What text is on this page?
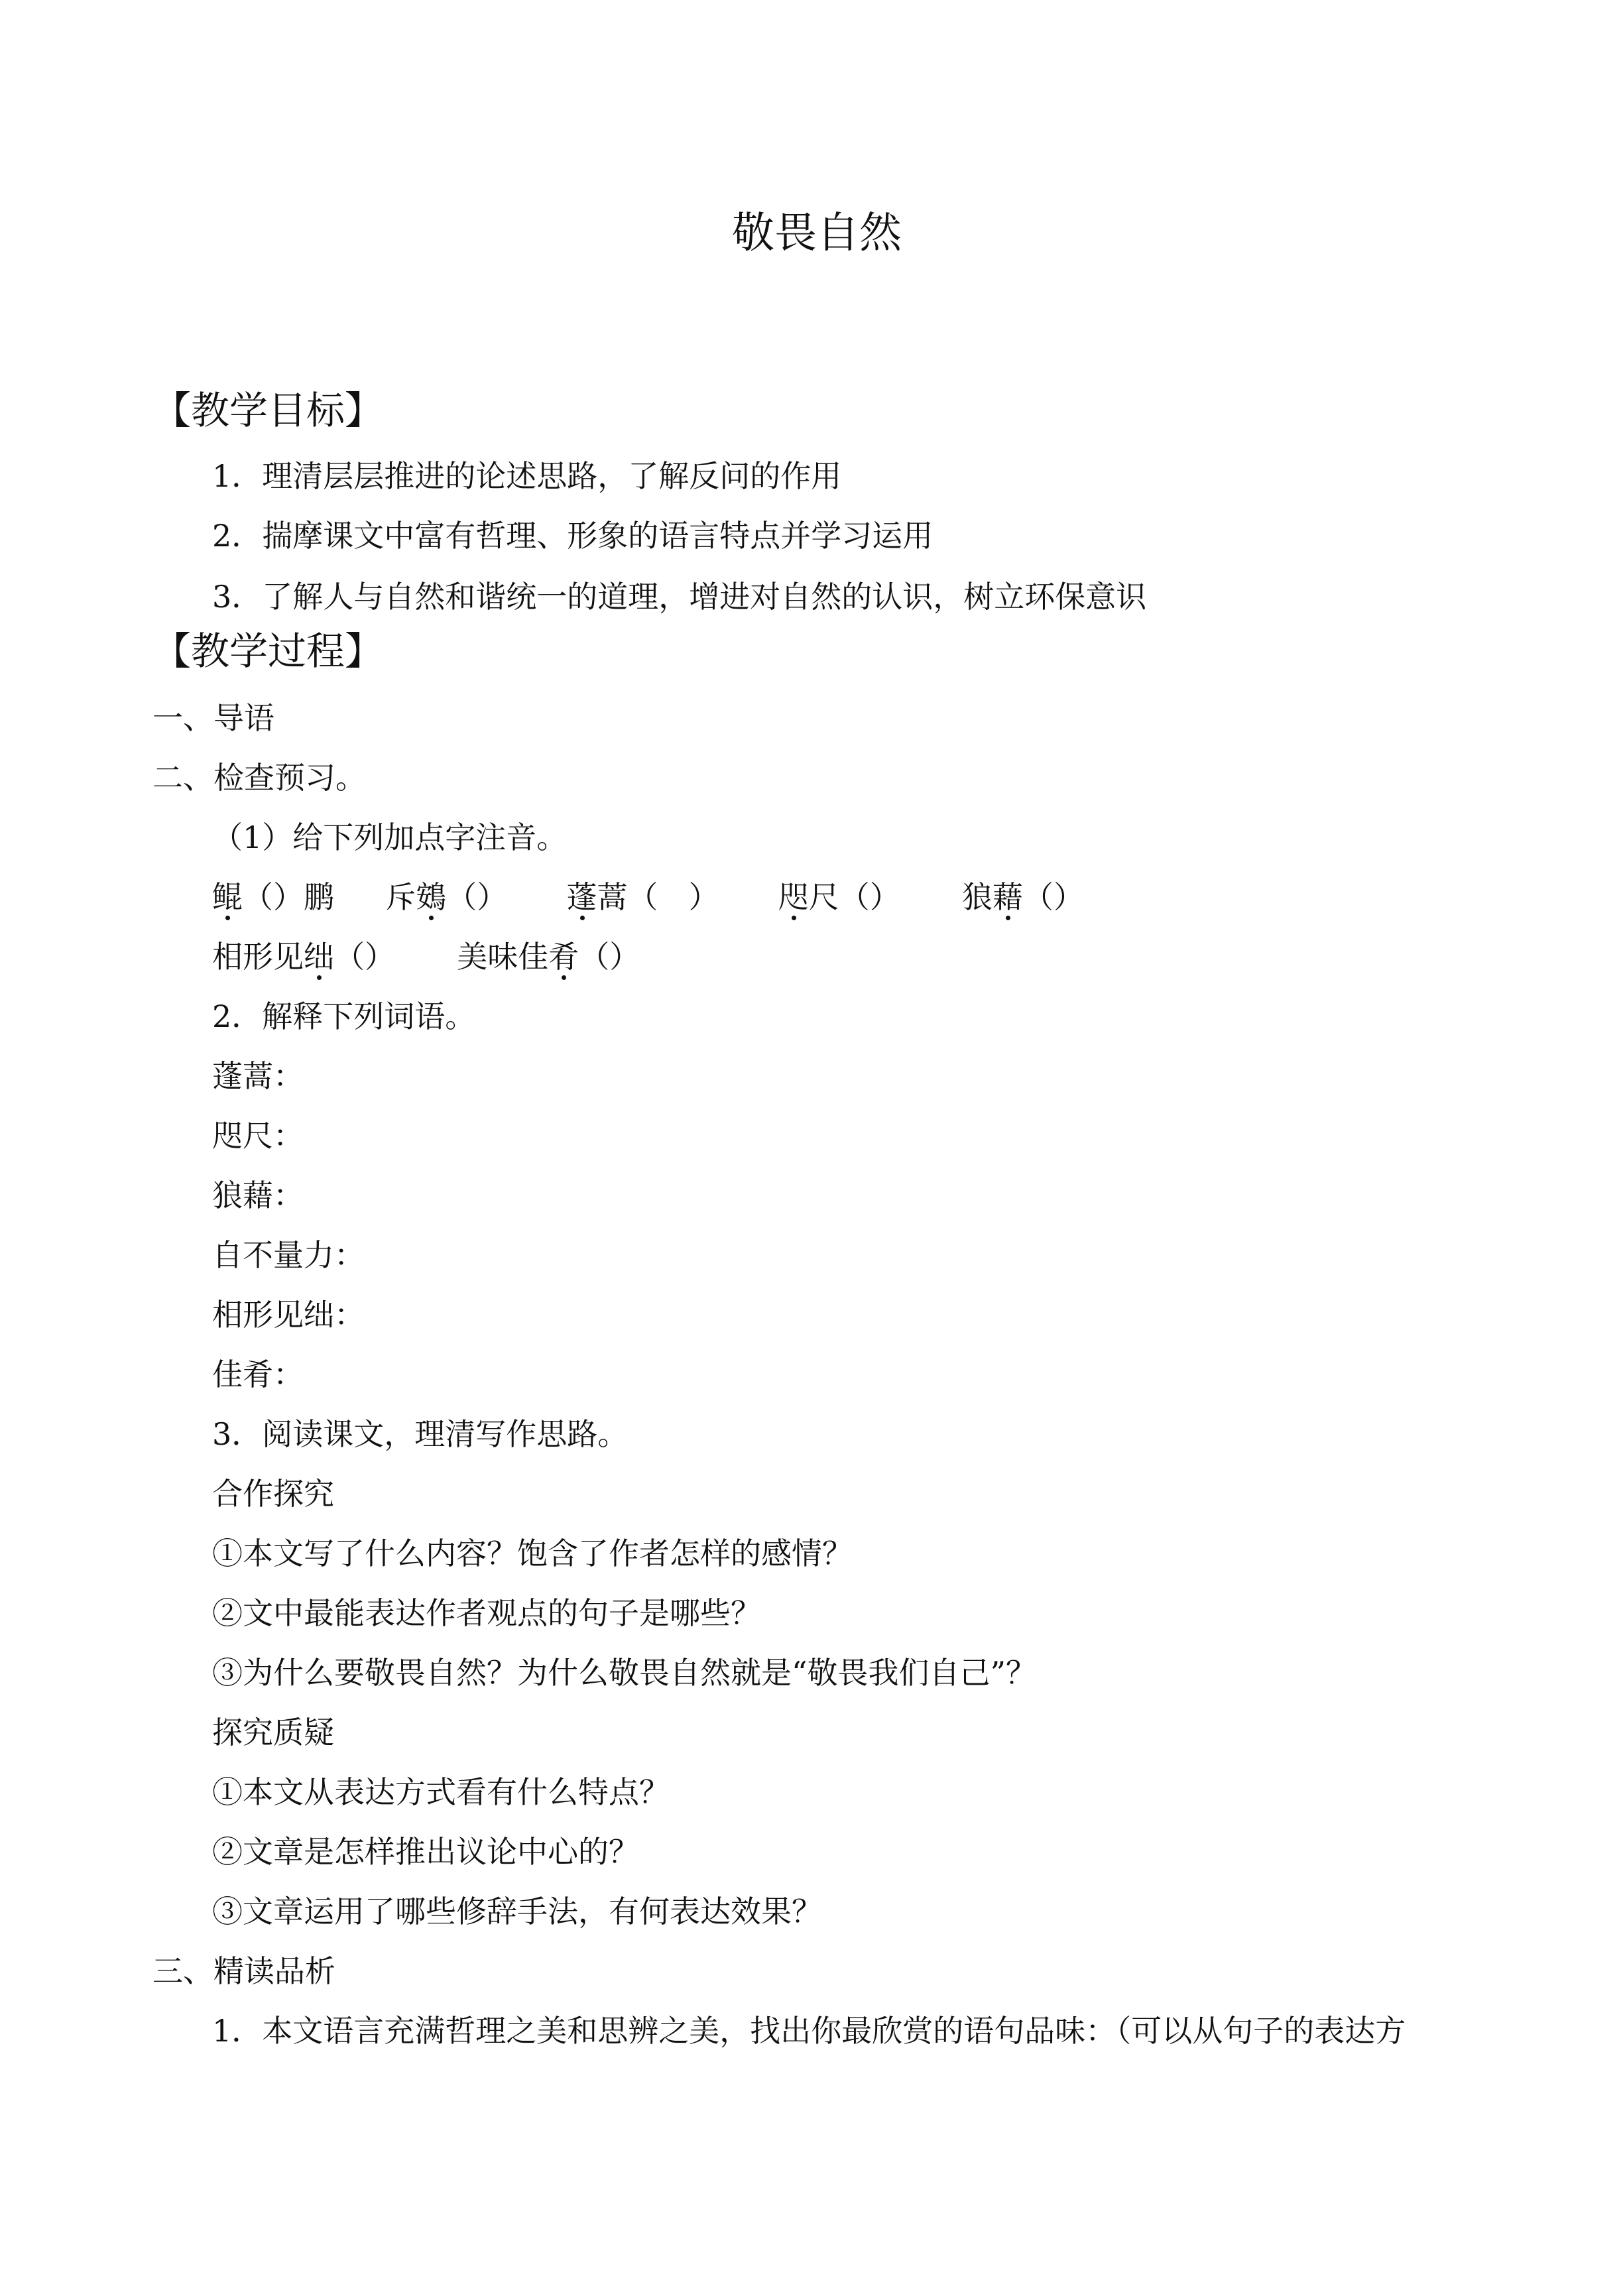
敬畏自然
【教学目标】
1．理清层层推进的论述思路，了解反问的作用
2．揣摩课文中富有哲理、形象的语言特点并学习运用
3．了解人与自然和谐统一的道理，增进对自然的认识，树立环保意识
【教学过程】
一、导语
二、检查预习。
（1）给下列加点字注音。
鲲（）鹏 斥鴳（） 蓬蒿（　） 咫尺（） 狼藉（）
相形见绌（） 美味佳肴（）
2．解释下列词语。
蓬蒿：
咫尺：
狼藉：
自不量力：
相形见绌：
佳肴：
3．阅读课文，理清写作思路。
合作探究
①本文写了什么内容？饱含了作者怎样的感情？
②文中最能表达作者观点的句子是哪些？
③为什么要敬畏自然？为什么敬畏自然就是“敬畏我们自己”？
探究质疑
①本文从表达方式看有什么特点？
②文章是怎样推出议论中心的？
③文章运用了哪些修辞手法，有何表达效果？
三、精读品析
1．本文语言充满哲理之美和思辨之美，找出你最欣赏的语句品味：（可以从句子的表达方
